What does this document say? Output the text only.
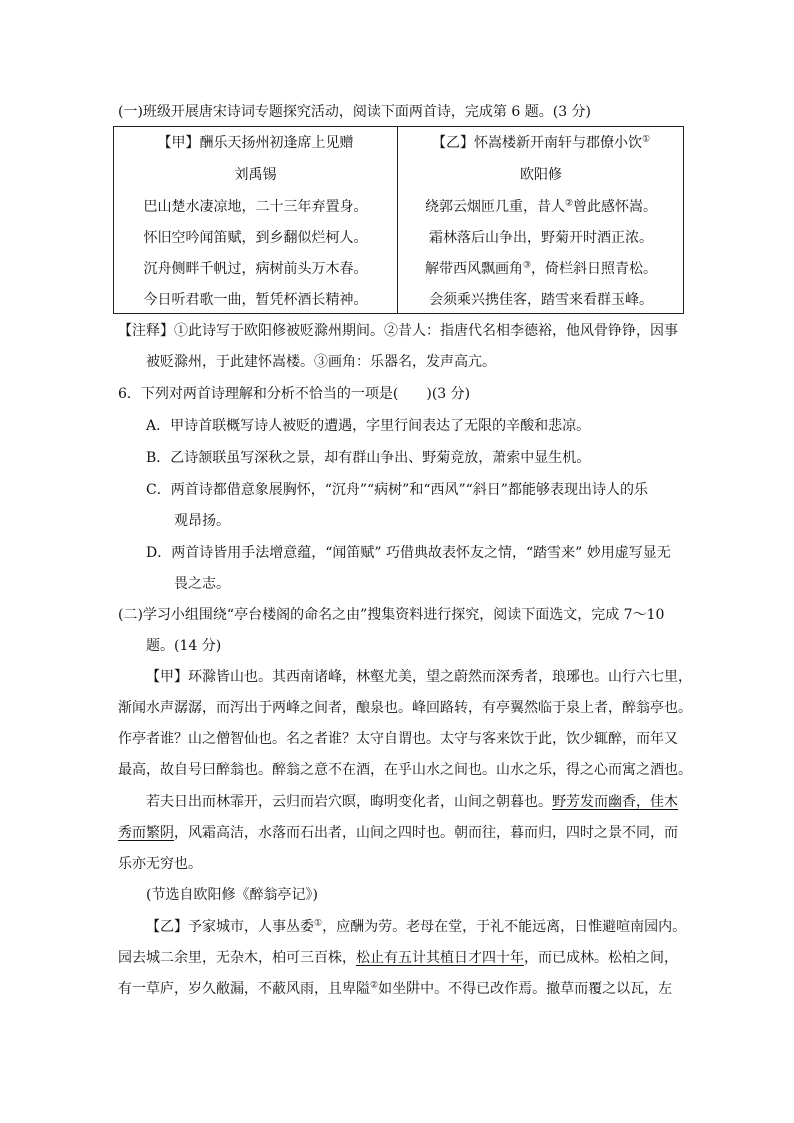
(一)班级开展唐宋诗词专题探究活动，阅读下面两首诗，完成第 6 题。(3 分)
【甲】酬乐天扬州初逢席上见赠
刘禹锡
巴山楚水凄凉地，二十三年弃置身。
怀旧空吟闻笛赋，到乡翻似烂柯人。
沉舟侧畔千帆过，病树前头万木春。
今日听君歌一曲，暂凭杯酒长精神。
【乙】怀嵩楼新开南轩与郡僚小饮①
欧阳修
绕郭云烟匝几重，昔人②曾此感怀嵩。
霜林落后山争出，野菊开时酒正浓。
解带西风飘画角③，倚栏斜日照青松。
会须乘兴携佳客，踏雪来看群玉峰。
【注释】①此诗写于欧阳修被贬滁州期间。②昔人：指唐代名相李德裕，他风骨铮铮，因事
被贬滁州，于此建怀嵩楼。③画角：乐器名，发声高亢。
6．下列对两首诗理解和分析不恰当的一项是(　　)(3 分)
A．甲诗首联概写诗人被贬的遭遇，字里行间表达了无限的辛酸和悲凉。
B．乙诗颔联虽写深秋之景，却有群山争出、野菊竞放，萧索中显生机。
C．两首诗都借意象展胸怀，“沉舟”“病树”和“西风”“斜日”都能够表现出诗人的乐
观昂扬。
D．两首诗皆用手法增意蕴，“闻笛赋” 巧借典故表怀友之情，“踏雪来” 妙用虚写显无
畏之志。
(二)学习小组围绕“亭台楼阁的命名之由”搜集资料进行探究，阅读下面选文，完成 7～10
题。(14 分)
【甲】环滁皆山也。其西南诸峰，林壑尤美，望之蔚然而深秀者，琅琊也。山行六七里，
渐闻水声潺潺，而泻出于两峰之间者，酿泉也。峰回路转，有亭翼然临于泉上者，醉翁亭也。
作亭者谁？山之僧智仙也。名之者谁？太守自谓也。太守与客来饮于此，饮少辄醉，而年又
最高，故自号曰醉翁也。醉翁之意不在酒，在乎山水之间也。山水之乐，得之心而寓之酒也。
若夫日出而林霏开，云归而岩穴暝，晦明变化者，山间之朝暮也。野芳发而幽香，佳木
秀而繁阴，风霜高洁，水落而石出者，山间之四时也。朝而往，暮而归，四时之景不同，而
乐亦无穷也。
(节选自欧阳修《醉翁亭记》)
【乙】予家城市，人事丛委①，应酬为劳。老母在堂，于礼不能远离，日惟避喧南园内。
园去城二余里，无杂木，柏可三百株，松止有五计其植日才四十年，而已成林。松柏之间，
有一草庐，岁久敝漏，不蔽风雨，且卑隘②如坐阱中。不得已改作焉。撤草而覆之以瓦，左
